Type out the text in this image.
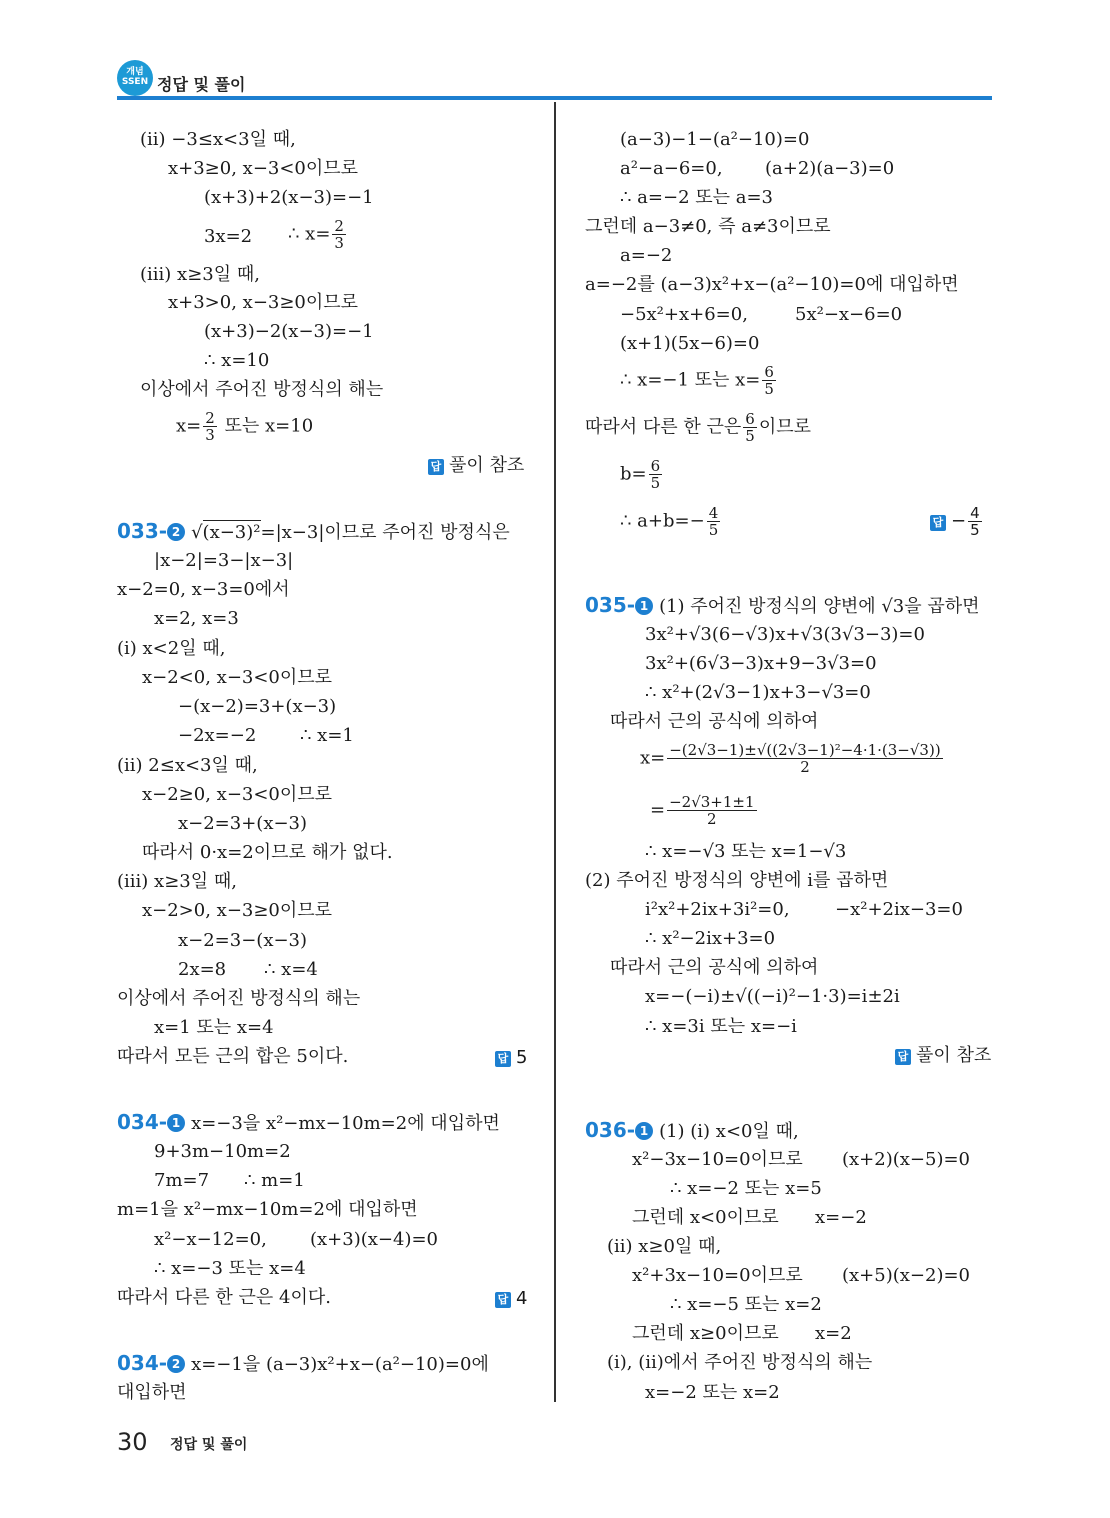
개념 SSEN 정답 및 풀이
(ⅱ) −3≤x<3일 때,
x+3≥0, x−3<0이므로
(x+3)+2(x−3)=−1
3x=2 ∴ $x= \frac{2}{3}$
(ⅲ) x≥3일 때,
x+3>0, x−3≥0이므로
(x+3)−2(x−3)=−1
∴ x=10
이상에서 주어진 방정식의 해는
$x= \frac{2}{3}$ 또는 x=10
답 풀이 참조
033- 2 √(x−3)²=|x−3|이므로 주어진 방정식은
|x−2|=3−|x−3|
x−2=0, x−3=0에서
x=2, x=3
(ⅰ) x<2일 때,
x−2<0, x−3<0이므로
−(x−2)=3+(x−3)
−2x=−2 ∴ x=1
(ⅱ) 2≤x<3일 때,
x−2≥0, x−3<0이므로
x−2=3+(x−3)
따라서 0·x=2이므로 해가 없다.
(ⅲ) x≥3일 때,
x−2>0, x−3≥0이므로
x−2=3−(x−3)
2x=8 ∴ x=4
이상에서 주어진 방정식의 해는
x=1 또는 x=4
따라서 모든 근의 합은 5이다.	답 5
034- 1 x=−3을 x²−mx−10m=2에 대입하면
9+3m−10m=2
7m=7 ∴ m=1
m=1을 x²−mx−10m=2에 대입하면
x²−x−12=0, (x+3)(x−4)=0
∴ x=−3 또는 x=4
따라서 다른 한 근은 4이다.	답 4
034- 2 x=−1을 (a−3)x²+x−(a²−10)=0에
대입하면
(a−3)−1−(a²−10)=0
a²−a−6=0, (a+2)(a−3)=0
∴ a=−2 또는 a=3
그런데 a−3≠0, 즉 a≠3이므로
a=−2
a=−2를 (a−3)x²+x−(a²−10)=0에 대입하면
−5x²+x+6=0,	5x²−x−6=0
(x+1)(5x−6)=0
∴ x=−1 또는 $x= \frac{6}{5}$
따라서 다른 한 근은 $\frac{6}{5}$ 이므로
$b= \frac{6}{5}$
∴ $a+b=- \frac{4}{5}$	답 − $\frac{4}{5}$
035- 1 (1) 주어진 방정식의 양변에 √3을 곱하면
3x²+√3(6−√3)x+√3(3√3−3)=0
3x²+(6√3−3)x+9−3√3=0
∴ x²+(2√3−1)x+3−√3=0
따라서 근의 공식에 의하여
$x= \frac{\text{−(2√3−1)±√((2√3−1)²−4·1·(3−√3))}}{2}$
= $\frac{-2√3+1\pm 1}{2}$
∴ x=−√3 또는 x=1−√3
(2) 주어진 방정식의 양변에 i를 곱하면
i²x²+2ix+3i²=0,	−x²+2ix−3=0
∴ x²−2ix+3=0
따라서 근의 공식에 의하여
x=−(−i)±√((−i)²−1·3)=i±2i
∴ x=3i 또는 x=−i
답 풀이 참조
036- 1 (1) (ⅰ) x<0일 때,
x²−3x−10=0이므로 (x+2)(x−5)=0
∴ x=−2 또는 x=5
그런데 x<0이므로 x=−2
(ⅱ) x≥0일 때,
x²+3x−10=0이므로 (x+5)(x−2)=0
∴ x=−5 또는 x=2
그런데 x≥0이므로 x=2
(ⅰ), (ⅱ)에서 주어진 방정식의 해는
x=−2 또는 x=2
30 정답 및 풀이
